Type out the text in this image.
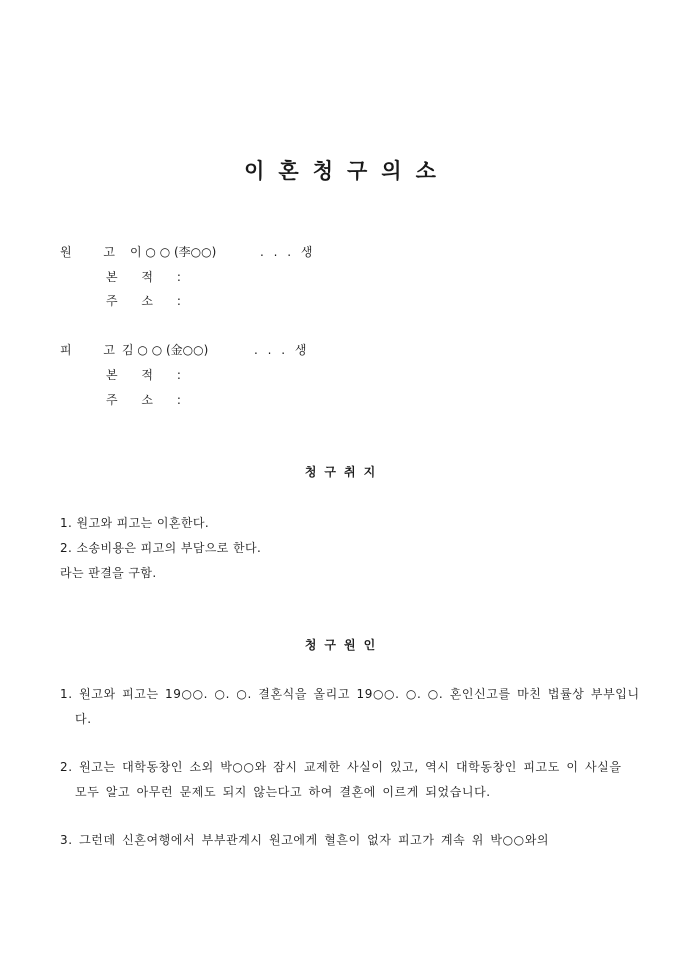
이혼청구의소
원 고 이 ○ ○ (李○○)	. . . 생
본 적 :
주 소 :
피 고
김 ○ ○ (金○○)	. . . 생
본 적 :
주 소 :
청구취지
1. 원고와 피고는 이혼한다.
2. 소송비용은 피고의 부담으로 한다.
라는 판결을 구함.
청구원인
1. 원고와 피고는 19○○. ○. ○. 결혼식을 올리고 19○○. ○. ○. 혼인신고를 마친 법률상 부부입니다.
2. 원고는 대학동창인 소외 박○○와 잠시 교제한 사실이 있고, 역시 대학동창인 피고도 이 사실을 모두 알고 아무런 문제도 되지 않는다고 하여 결혼에 이르게 되었습니다.
3. 그런데 신혼여행에서 부부관계시 원고에게 혈흔이 없자 피고가 계속 위 박○○와의
